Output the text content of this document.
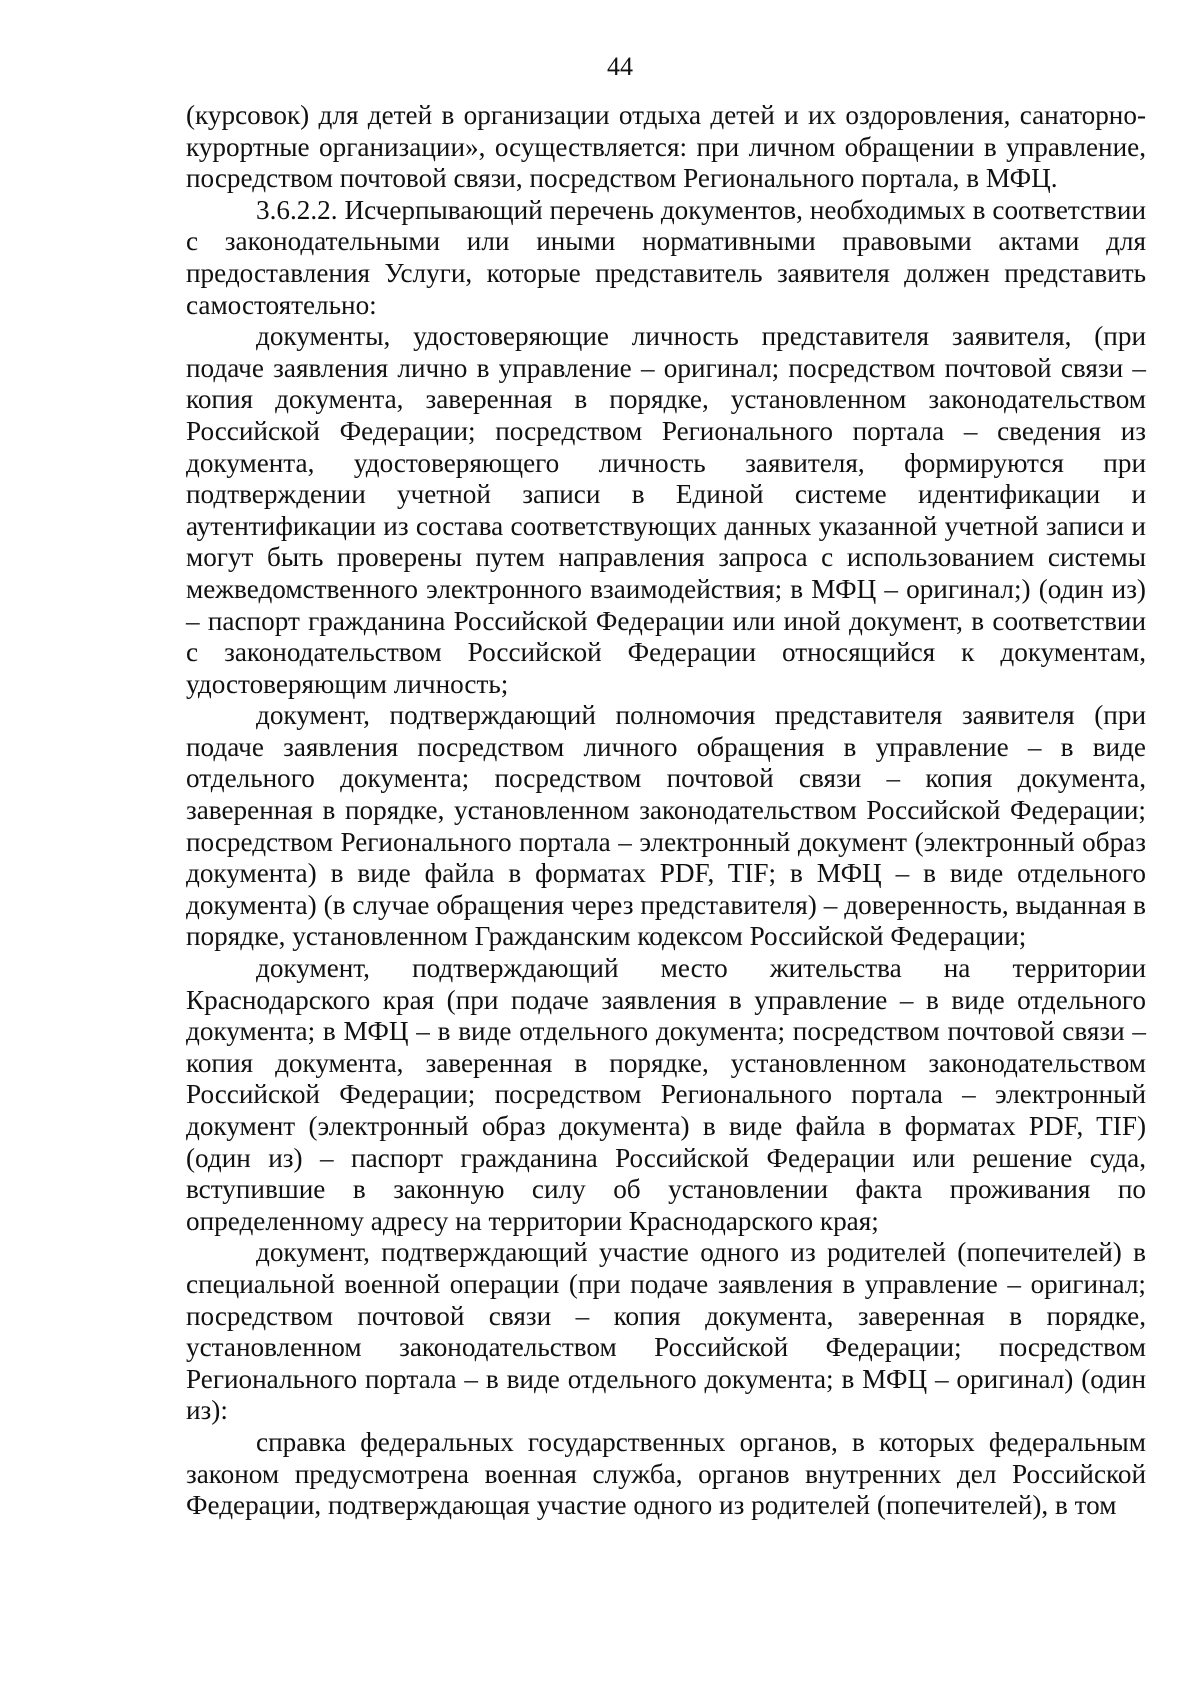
44

(курсовок) для детей в организации отдыха детей и их оздоровления, санаторно-курортные организации», осуществляется: при личном обращении в управление, посредством почтовой связи, посредством Регионального портала, в МФЦ.

3.6.2.2. Исчерпывающий перечень документов, необходимых в соответствии с законодательными или иными нормативными правовыми актами для предоставления Услуги, которые представитель заявителя должен представить самостоятельно:

документы, удостоверяющие личность представителя заявителя, (при подаче заявления лично в управление – оригинал; посредством почтовой связи – копия документа, заверенная в порядке, установленном законодательством Российской Федерации; посредством Регионального портала – сведения из документа, удостоверяющего личность заявителя, формируются при подтверждении учетной записи в Единой системе идентификации и аутентификации из состава соответствующих данных указанной учетной записи и могут быть проверены путем направления запроса с использованием системы межведомственного электронного взаимодействия; в МФЦ – оригинал;) (один из) – паспорт гражданина Российской Федерации или иной документ, в соответствии с законодательством Российской Федерации относящийся к документам, удостоверяющим личность;

документ, подтверждающий полномочия представителя заявителя (при подаче заявления посредством личного обращения в управление – в виде отдельного документа; посредством почтовой связи – копия документа, заверенная в порядке, установленном законодательством Российской Федерации; посредством Регионального портала – электронный документ (электронный образ документа) в виде файла в форматах PDF, TIF; в МФЦ – в виде отдельного документа) (в случае обращения через представителя) – доверенность, выданная в порядке, установленном Гражданским кодексом Российской Федерации;

документ, подтверждающий место жительства на территории Краснодарского края (при подаче заявления в управление – в виде отдельного документа; в МФЦ – в виде отдельного документа; посредством почтовой связи – копия документа, заверенная в порядке, установленном законодательством Российской Федерации; посредством Регионального портала – электронный документ (электронный образ документа) в виде файла в форматах PDF, TIF) (один из) – паспорт гражданина Российской Федерации или решение суда, вступившие в законную силу об установлении факта проживания по определенному адресу на территории Краснодарского края;

документ, подтверждающий участие одного из родителей (попечителей) в специальной военной операции (при подаче заявления в управление – оригинал; посредством почтовой связи – копия документа, заверенная в порядке, установленном законодательством Российской Федерации; посредством Регионального портала – в виде отдельного документа; в МФЦ – оригинал) (один из):

справка федеральных государственных органов, в которых федеральным законом предусмотрена военная служба, органов внутренних дел Российской Федерации, подтверждающая участие одного из родителей (попечителей), в том
